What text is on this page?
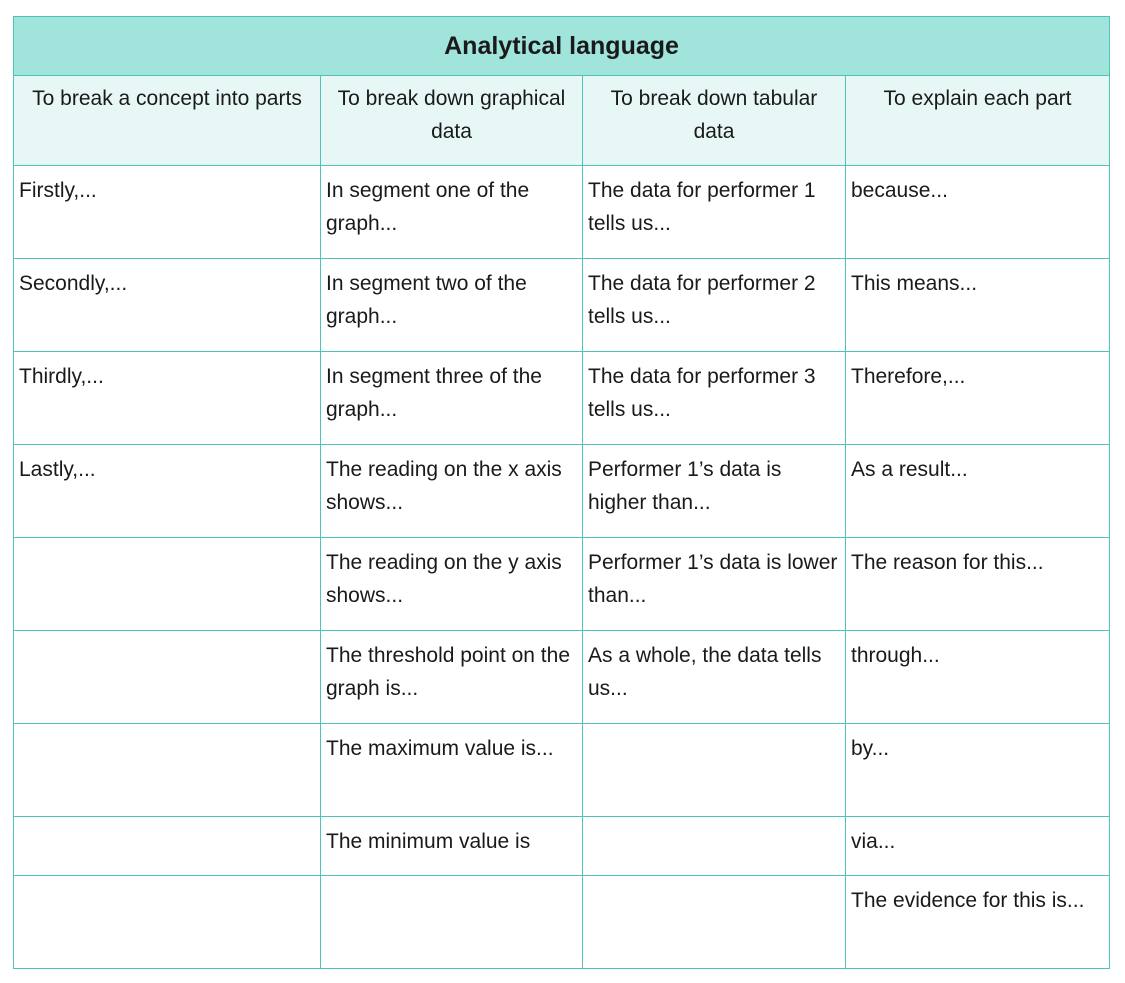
Analytical language			
To break a concept into parts	To break down graphical data	To break down tabular data	To explain each part
Firstly,...	In segment one of the graph...	The data for performer 1 tells us...	because...
Secondly,...	In segment two of the graph...	The data for performer 2 tells us...	This means...
Thirdly,...	In segment three of the graph...	The data for performer 3 tells us...	Therefore,...
Lastly,...	The reading on the x axis shows...	Performer 1’s data is higher than...	As a result...
	The reading on the y axis shows...	Performer 1’s data is lower than...	The reason for this...
	The threshold point on the graph is...	As a whole, the data tells us...	through...
	The maximum value is...		by...
	The minimum value is		via...
			The evidence for this is...
